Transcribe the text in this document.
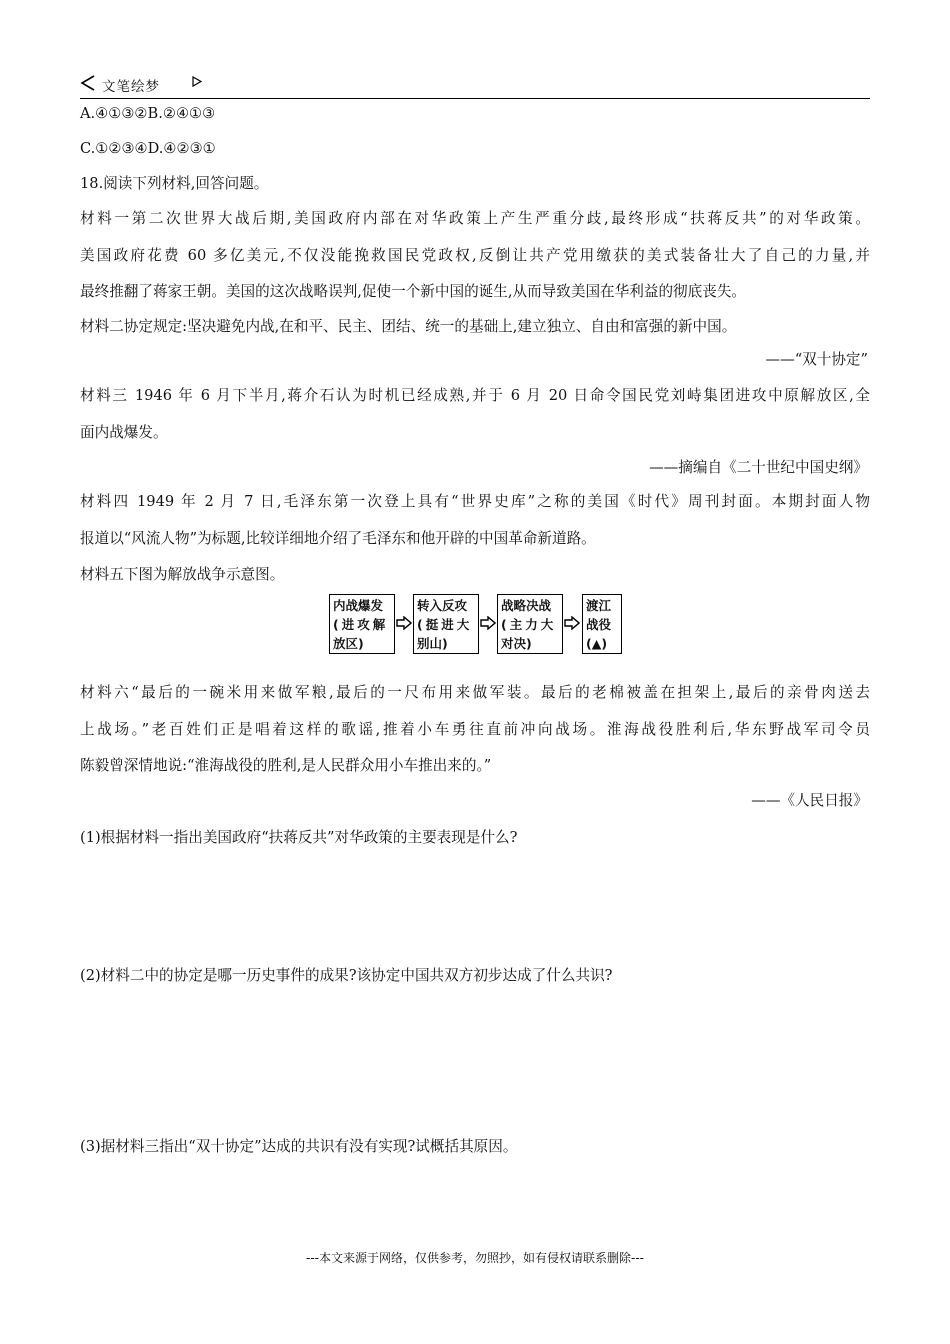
文笔绘梦
A.④①③②B.②④①③
C.①②③④D.④②③①
18.阅读下列材料,回答问题。
材料一第二次世界大战后期,美国政府内部在对华政策上产生严重分歧,最终形成“扶蒋反共”的对华政策。
美国政府花费 60 多亿美元,不仅没能挽救国民党政权,反倒让共产党用缴获的美式装备壮大了自己的力量,并
最终推翻了蒋家王朝。美国的这次战略误判,促使一个新中国的诞生,从而导致美国在华利益的彻底丧失。
材料二协定规定:坚决避免内战,在和平、民主、团结、统一的基础上,建立独立、自由和富强的新中国。
——“双十协定”
材料三 1946 年 6 月下半月,蒋介石认为时机已经成熟,并于 6 月 20 日命令国民党刘峙集团进攻中原解放区,全
面内战爆发。
——摘编自《二十世纪中国史纲》
材料四 1949 年 2 月 7 日,毛泽东第一次登上具有“世界史库”之称的美国《时代》周刊封面。本期封面人物
报道以“风流人物”为标题,比较详细地介绍了毛泽东和他开辟的中国革命新道路。
材料五下图为解放战争示意图。
内战爆发
(进攻解
放区)
转入反攻
(挺进大
别山)
战略决战
(主力大
对决)
渡江
战役
(▲)
材料六“最后的一碗米用来做军粮,最后的一尺布用来做军装。最后的老棉被盖在担架上,最后的亲骨肉送去
上战场。”老百姓们正是唱着这样的歌谣,推着小车勇往直前冲向战场。淮海战役胜利后,华东野战军司令员
陈毅曾深情地说:“淮海战役的胜利,是人民群众用小车推出来的。”
——《人民日报》
(1)根据材料一指出美国政府“扶蒋反共”对华政策的主要表现是什么?
(2)材料二中的协定是哪一历史事件的成果?该协定中国共双方初步达成了什么共识?
(3)据材料三指出“双十协定”达成的共识有没有实现?试概括其原因。
---本文来源于网络，仅供参考，勿照抄，如有侵权请联系删除---
